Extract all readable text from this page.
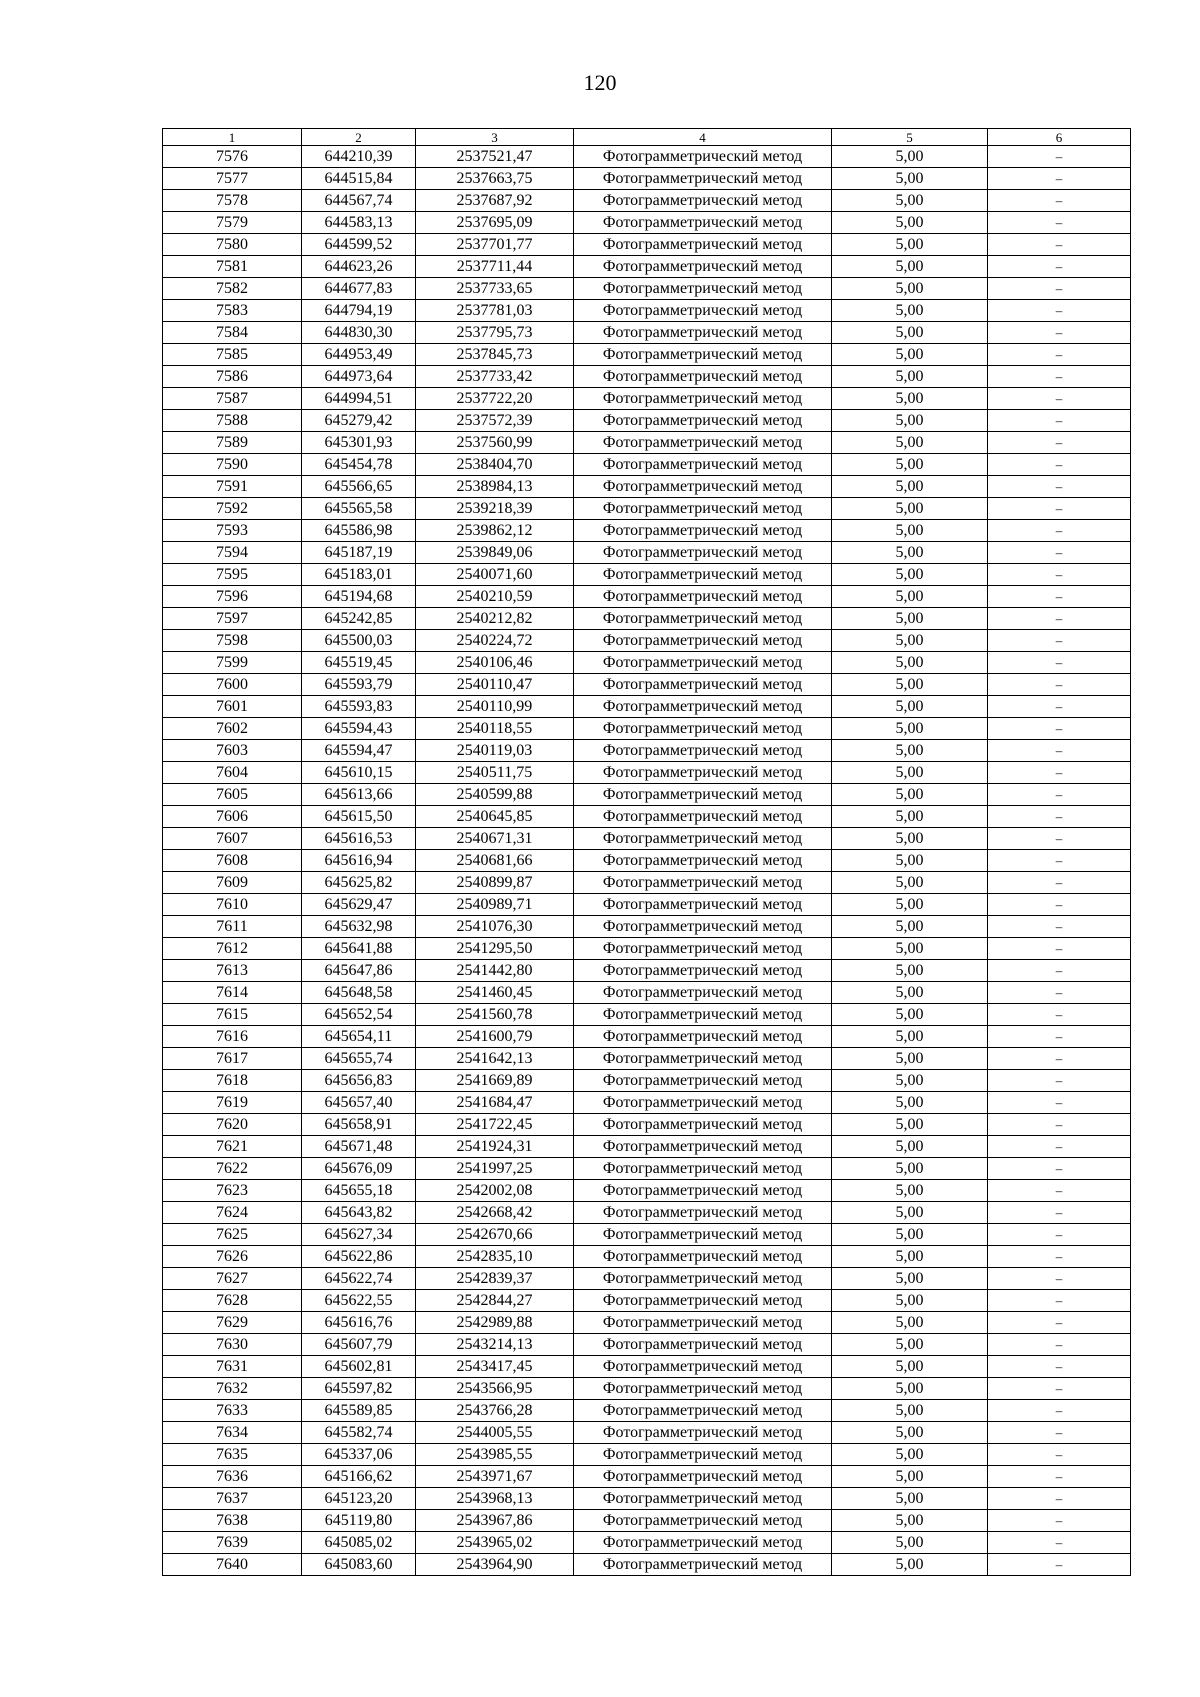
120
1	2	3	4	5	6
7576	644210,39	2537521,47	Фотограмметрический метод	5,00	–
7577	644515,84	2537663,75	Фотограмметрический метод	5,00	–
7578	644567,74	2537687,92	Фотограмметрический метод	5,00	–
7579	644583,13	2537695,09	Фотограмметрический метод	5,00	–
7580	644599,52	2537701,77	Фотограмметрический метод	5,00	–
7581	644623,26	2537711,44	Фотограмметрический метод	5,00	–
7582	644677,83	2537733,65	Фотограмметрический метод	5,00	–
7583	644794,19	2537781,03	Фотограмметрический метод	5,00	–
7584	644830,30	2537795,73	Фотограмметрический метод	5,00	–
7585	644953,49	2537845,73	Фотограмметрический метод	5,00	–
7586	644973,64	2537733,42	Фотограмметрический метод	5,00	–
7587	644994,51	2537722,20	Фотограмметрический метод	5,00	–
7588	645279,42	2537572,39	Фотограмметрический метод	5,00	–
7589	645301,93	2537560,99	Фотограмметрический метод	5,00	–
7590	645454,78	2538404,70	Фотограмметрический метод	5,00	–
7591	645566,65	2538984,13	Фотограмметрический метод	5,00	–
7592	645565,58	2539218,39	Фотограмметрический метод	5,00	–
7593	645586,98	2539862,12	Фотограмметрический метод	5,00	–
7594	645187,19	2539849,06	Фотограмметрический метод	5,00	–
7595	645183,01	2540071,60	Фотограмметрический метод	5,00	–
7596	645194,68	2540210,59	Фотограмметрический метод	5,00	–
7597	645242,85	2540212,82	Фотограмметрический метод	5,00	–
7598	645500,03	2540224,72	Фотограмметрический метод	5,00	–
7599	645519,45	2540106,46	Фотограмметрический метод	5,00	–
7600	645593,79	2540110,47	Фотограмметрический метод	5,00	–
7601	645593,83	2540110,99	Фотограмметрический метод	5,00	–
7602	645594,43	2540118,55	Фотограмметрический метод	5,00	–
7603	645594,47	2540119,03	Фотограмметрический метод	5,00	–
7604	645610,15	2540511,75	Фотограмметрический метод	5,00	–
7605	645613,66	2540599,88	Фотограмметрический метод	5,00	–
7606	645615,50	2540645,85	Фотограмметрический метод	5,00	–
7607	645616,53	2540671,31	Фотограмметрический метод	5,00	–
7608	645616,94	2540681,66	Фотограмметрический метод	5,00	–
7609	645625,82	2540899,87	Фотограмметрический метод	5,00	–
7610	645629,47	2540989,71	Фотограмметрический метод	5,00	–
7611	645632,98	2541076,30	Фотограмметрический метод	5,00	–
7612	645641,88	2541295,50	Фотограмметрический метод	5,00	–
7613	645647,86	2541442,80	Фотограмметрический метод	5,00	–
7614	645648,58	2541460,45	Фотограмметрический метод	5,00	–
7615	645652,54	2541560,78	Фотограмметрический метод	5,00	–
7616	645654,11	2541600,79	Фотограмметрический метод	5,00	–
7617	645655,74	2541642,13	Фотограмметрический метод	5,00	–
7618	645656,83	2541669,89	Фотограмметрический метод	5,00	–
7619	645657,40	2541684,47	Фотограмметрический метод	5,00	–
7620	645658,91	2541722,45	Фотограмметрический метод	5,00	–
7621	645671,48	2541924,31	Фотограмметрический метод	5,00	–
7622	645676,09	2541997,25	Фотограмметрический метод	5,00	–
7623	645655,18	2542002,08	Фотограмметрический метод	5,00	–
7624	645643,82	2542668,42	Фотограмметрический метод	5,00	–
7625	645627,34	2542670,66	Фотограмметрический метод	5,00	–
7626	645622,86	2542835,10	Фотограмметрический метод	5,00	–
7627	645622,74	2542839,37	Фотограмметрический метод	5,00	–
7628	645622,55	2542844,27	Фотограмметрический метод	5,00	–
7629	645616,76	2542989,88	Фотограмметрический метод	5,00	–
7630	645607,79	2543214,13	Фотограмметрический метод	5,00	–
7631	645602,81	2543417,45	Фотограмметрический метод	5,00	–
7632	645597,82	2543566,95	Фотограмметрический метод	5,00	–
7633	645589,85	2543766,28	Фотограмметрический метод	5,00	–
7634	645582,74	2544005,55	Фотограмметрический метод	5,00	–
7635	645337,06	2543985,55	Фотограмметрический метод	5,00	–
7636	645166,62	2543971,67	Фотограмметрический метод	5,00	–
7637	645123,20	2543968,13	Фотограмметрический метод	5,00	–
7638	645119,80	2543967,86	Фотограмметрический метод	5,00	–
7639	645085,02	2543965,02	Фотограмметрический метод	5,00	–
7640	645083,60	2543964,90	Фотограмметрический метод	5,00	–
